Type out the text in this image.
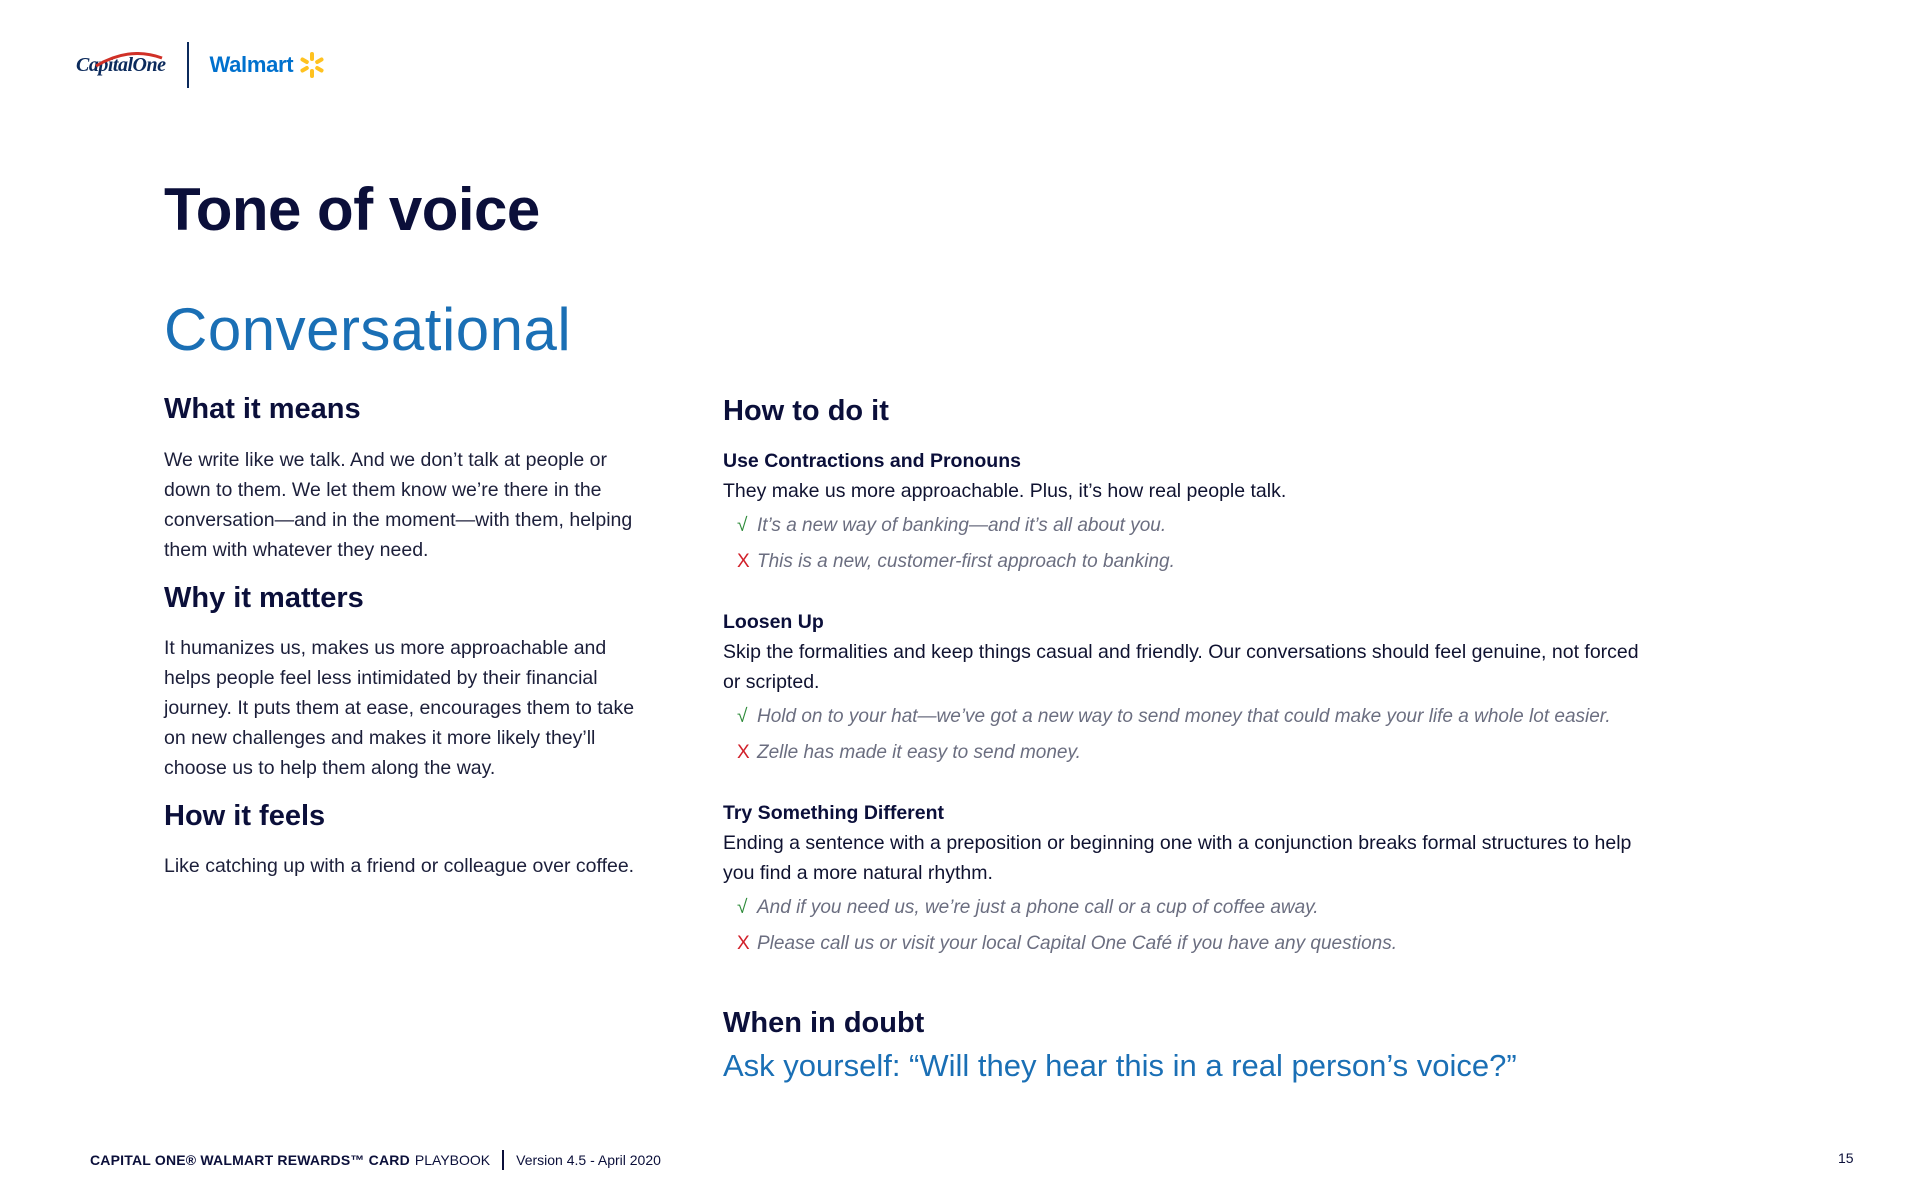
CapitalOne Walmart
Tone of voice
Conversational
What it means
We write like we talk. And we don’t talk at people or down to them. We let them know we’re there in the conversation—and in the moment—with them, helping them with whatever they need.
Why it matters
It humanizes us, makes us more approachable and helps people feel less intimidated by their financial journey. It puts them at ease, encourages them to take on new challenges and makes it more likely they’ll choose us to help them along the way.
How it feels
Like catching up with a friend or colleague over coffee.
How to do it
Use Contractions and Pronouns
They make us more approachable. Plus, it’s how real people talk.
√ It’s a new way of banking—and it’s all about you.
X This is a new, customer-first approach to banking.
Loosen Up
Skip the formalities and keep things casual and friendly. Our conversations should feel genuine, not forced or scripted.
√ Hold on to your hat—we’ve got a new way to send money that could make your life a whole lot easier.
X Zelle has made it easy to send money.
Try Something Different
Ending a sentence with a preposition or beginning one with a conjunction breaks formal structures to help you find a more natural rhythm.
√ And if you need us, we’re just a phone call or a cup of coffee away.
X Please call us or visit your local Capital One Café if you have any questions.
When in doubt
Ask yourself: “Will they hear this in a real person’s voice?”
CAPITAL ONE® WALMART REWARDS™ CARD PLAYBOOK Version 4.5 - April 2020	15
